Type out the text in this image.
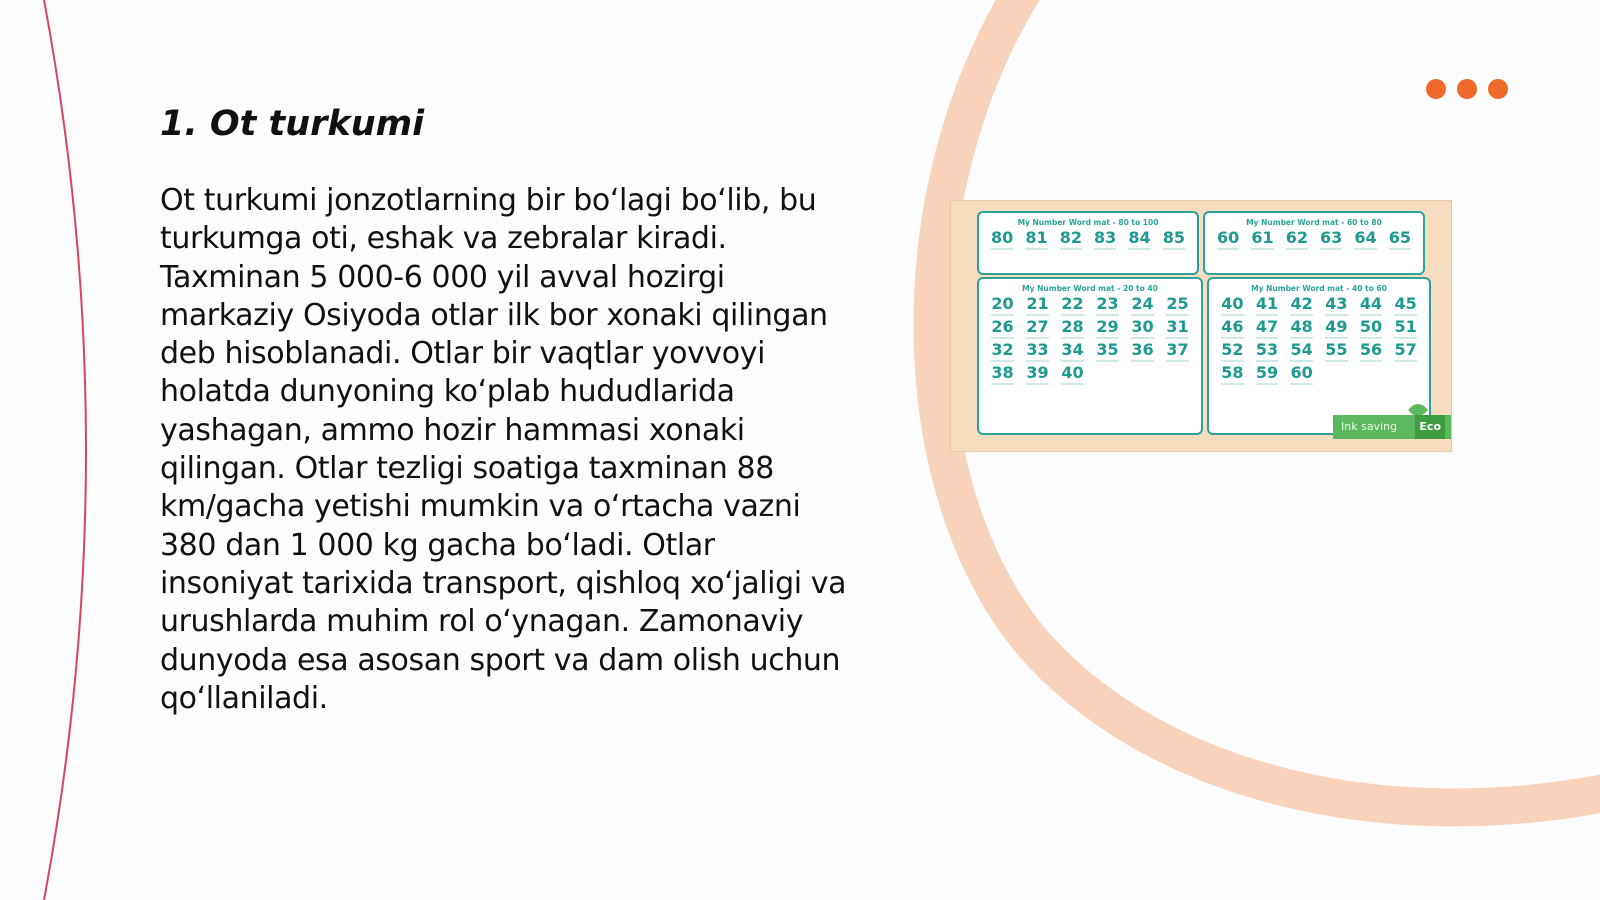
1. Ot turkumi

Ot turkumi jonzotlarning bir bo‘lagi bo‘lib, bu turkumga oti, eshak va zebralar kiradi. Taxminan 5 000-6 000 yil avval hozirgi markaziy Osiyoda otlar ilk bor xonaki qilingan deb hisoblanadi. Otlar bir vaqtlar yovvoyi holatda dunyoning ko‘plab hududlarida yashagan, ammo hozir hammasi xonaki qilingan. Otlar tezligi soatiga taxminan 88 km/gacha yetishi mumkin va o‘rtacha vazni 380 dan 1 000 kg gacha bo‘ladi. Otlar insoniyat tarixida transport, qishloq xo‘jaligi va urushlarda muhim rol o‘ynagan. Zamonaviy dunyoda esa asosan sport va dam olish uchun qo‘llaniladi.

My Number Word mat - 80 to 100
80 81 82 83 84 85
My Number Word mat - 60 to 80
60 61 62 63 64 65
My Number Word mat - 20 to 40
20 21 22 23 24 25
26 27 28 29 30 31
32 33 34 35 36 37
38 39 40
My Number Word mat - 40 to 60
40 41 42 43 44 45
46 47 48 49 50 51
52 53 54 55 56 57
58 59 60
Ink saving	Eco
